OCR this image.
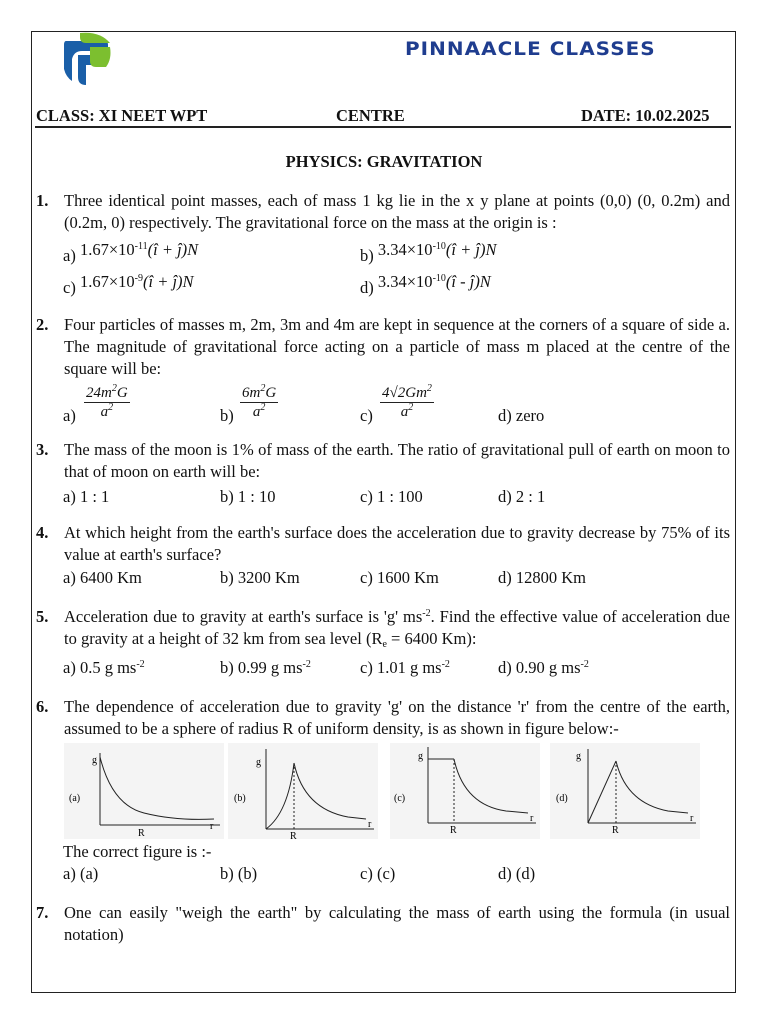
PINNAACLE CLASSES
CLASS: XI NEET WPT	CENTRE	DATE: 10.02.2025
PHYSICS: GRAVITATION
1. Three identical point masses, each of mass 1 kg lie in the x y plane at points (0,0) (0, 0.2m) and (0.2m, 0) respectively. The gravitational force on the mass at the origin is :
a) $1.67\times 10^{-11}(î$ + ĵ)N	b) $3.34\times 10^{-10}(î$ + ĵ)N
c) $1.67\times 10^{-9}(î$ + ĵ)N	d) $3.34\times 10^{-10}(î$ - ĵ)N
2. Four particles of masses m, 2m, 3m and 4m are kept in sequence at the corners of a square of side a. The magnitude of gravitational force acting on a particle of mass m placed at the centre of the square will be:
$a) \frac{24m^2G}{a^2}$	$b) \frac{6m^2G}{a^2}$	$c) \frac{4√2Gm^2}{a^2}$	d) zero
3. The mass of the moon is 1% of mass of the earth. The ratio of gravitational pull of earth on moon to that of moon on earth will be:
a) 1 : 1	b) 1 : 10	c) 1 : 100	d) 2 : 1
4. At which height from the earth's surface does the acceleration due to gravity decrease by 75% of its value at earth's surface?
a) 6400 Km	b) 3200 Km	c) 1600 Km	d) 12800 Km
5. Acceleration due to gravity at earth's surface is 'g' $ms^{-2}$. Find the effective value of acceleration due to gravity at a height of 32 km from sea level ($R_e = 6400$ Km):
a) 0.5 g $ms^{-2}$	b) 0.99 g $ms^{-2}$	c) 1.01 g $ms^{-2}$	d) 0.90 g $ms^{-2}$
6. The dependence of acceleration due to gravity 'g' on the distance 'r' from the centre of the earth, assumed to be a sphere of radius R of uniform density, is as shown in figure below:-
g
(a)
R
r
g
(b)
R
r
g
(c)
R
r
g
(d)
R
r
The correct figure is :-
a) (a)	b) (b)	c) (c)	d) (d)
7. One can easily "weigh the earth" by calculating the mass of earth using the formula (in usual notation)
